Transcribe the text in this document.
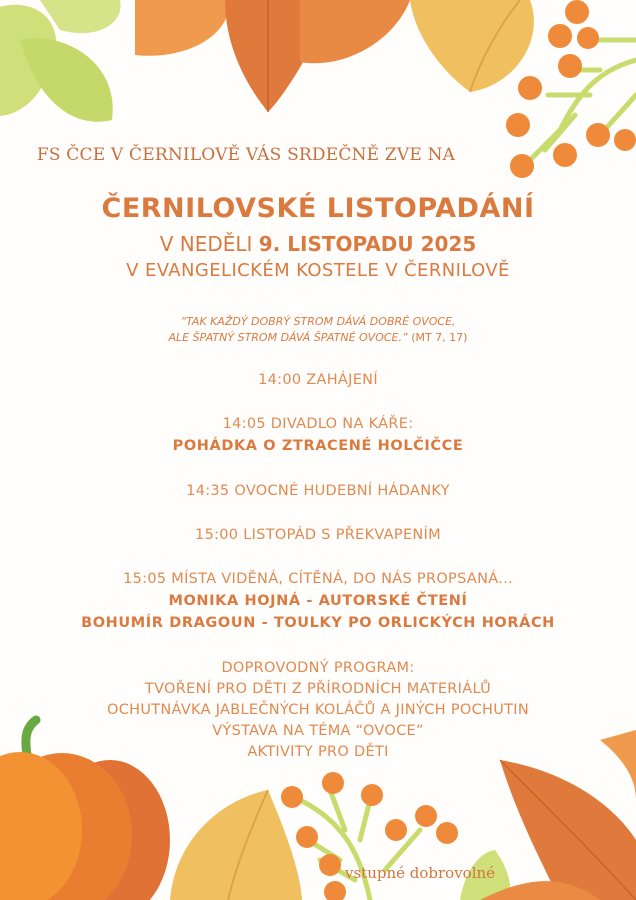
FS ČCE V ČERNILOVĚ VÁS SRDEČNĚ ZVE NA
ČERNILOVSKÉ LISTOPADÁNÍ
V NEDĚLI 9. LISTOPADU 2025
V EVANGELICKÉM KOSTELE V ČERNILOVĚ
“TAK KAŽDÝ DOBRÝ STROM DÁVÁ DOBRÉ OVOCE,
ALE ŠPATNÝ STROM DÁVÁ ŠPATNÉ OVOCE.” (MT 7, 17)
14:00 ZAHÁJENÍ
14:05 DIVADLO NA KÁŘE:
POHÁDKA O ZTRACENÉ HOLČIČCE
14:35 OVOCNÉ HUDEBNÍ HÁDANKY
15:00 LISTOPÁD S PŘEKVAPENÍM
15:05 MÍSTA VIDĚNÁ, CÍTĚNÁ, DO NÁS PROPSANÁ...
MONIKA HOJNÁ - AUTORSKÉ ČTENÍ
BOHUMÍR DRAGOUN - TOULKY PO ORLICKÝCH HORÁCH
DOPROVODNÝ PROGRAM:
TVOŘENÍ PRO DĚTI Z PŘÍRODNÍCH MATERIÁLŮ
OCHUTNÁVKA JABLEČNÝCH KOLÁČŮ A JINÝCH POCHUTIN
VÝSTAVA NA TÉMA “OVOCE”
AKTIVITY PRO DĚTI
vstupné dobrovolné
